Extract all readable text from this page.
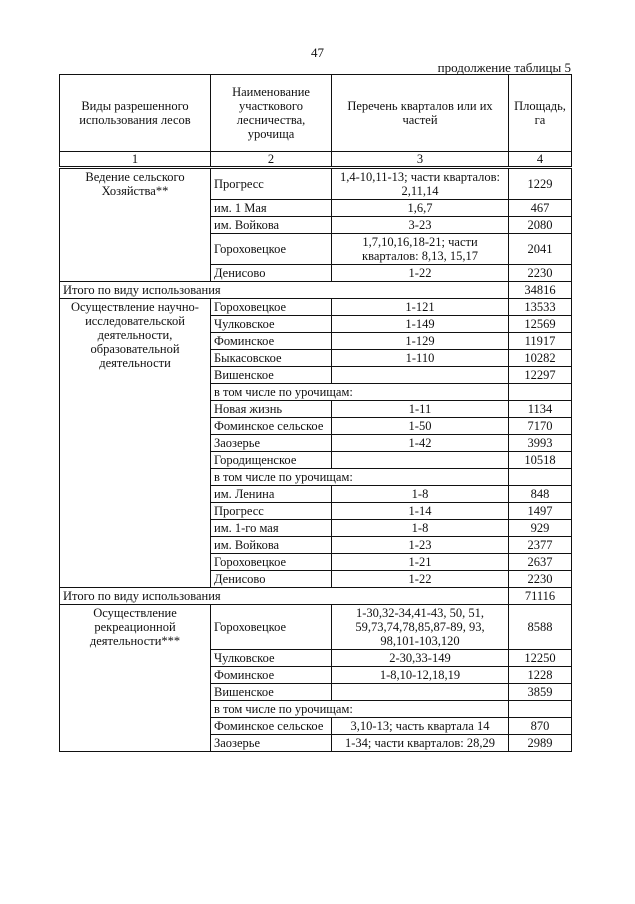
47
продолжение таблицы 5
Виды разрешенного использования лесов	Наименование участкового лесничества, урочища	Перечень кварталов или их частей	Площадь, га
1	2	3	4
Ведение сельского Хозяйства**	Прогресс	1,4-10,11-13; части кварталов: 2,11,14	1229
	им. 1 Мая	1,6,7	467
	им. Войкова	3-23	2080
	Гороховецкое	1,7,10,16,18-21; части кварталов: 8,13, 15,17	2041
	Денисово	1-22	2230
Итого по виду использования			34816
Осуществление научно-исследовательской деятельности, образовательной деятельности	Гороховецкое	1-121	13533
	Чулковское	1-149	12569
	Фоминское	1-129	11917
	Быкасовское	1-110	10282
	Вишенское		12297
	в том числе по урочищам:		
	Новая жизнь	1-11	1134
	Фоминское сельское	1-50	7170
	Заозерье	1-42	3993
	Городищенское		10518
	в том числе по урочищам:		
	им. Ленина	1-8	848
	Прогресс	1-14	1497
	им. 1-го мая	1-8	929
	им. Войкова	1-23	2377
	Гороховецкое	1-21	2637
	Денисово	1-22	2230
Итого по виду использования			71116
Осуществление рекреационной деятельности***	Гороховецкое	1-30,32-34,41-43, 50, 51, 59,73,74,78,85,87-89, 93, 98,101-103,120	8588
	Чулковское	2-30,33-149	12250
	Фоминское	1-8,10-12,18,19	1228
	Вишенское		3859
	в том числе по урочищам:		
	Фоминское сельское	3,10-13; часть квартала 14	870
	Заозерье	1-34; части кварталов: 28,29	2989
